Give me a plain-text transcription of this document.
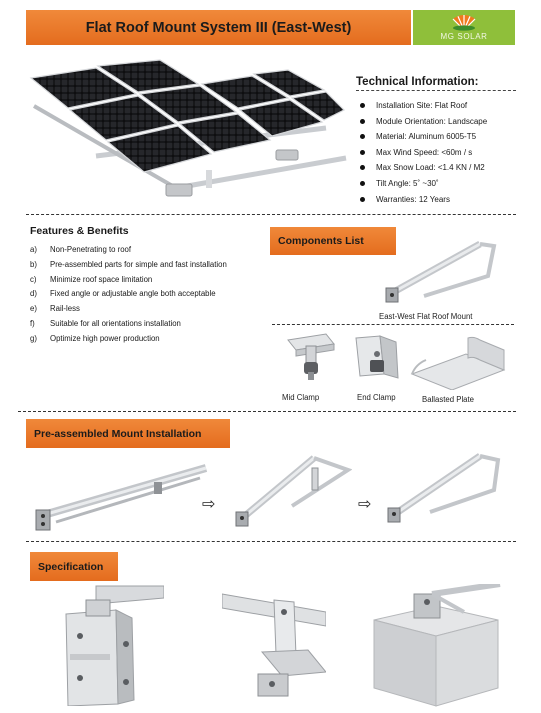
Flat Roof Mount System III (East-West)
MG SOLAR
Technical Information:
Installation Site: Flat Roof
Module Orientation: Landscape
Material: Aluminum 6005-T5
Max Wind Speed: <60m / s
Max Snow Load: <1.4 KN / M2
Tilt Angle: 5˚ ~30˚
Warranties: 12 Years
Features & Benefits
a)	Non-Penetrating to roof
b)	Pre-assembled parts for simple and fast installation
c)	Minimize roof space limitation
d)	Fixed angle or adjustable angle both acceptable
e)	Rail-less
f)	Suitable for all orientations installation
g)	Optimize high power production
Components List
East-West Flat Roof Mount
Mid Clamp	End Clamp	Ballasted Plate
Pre-assembled Mount Installation
⇨	⇨
Specification
